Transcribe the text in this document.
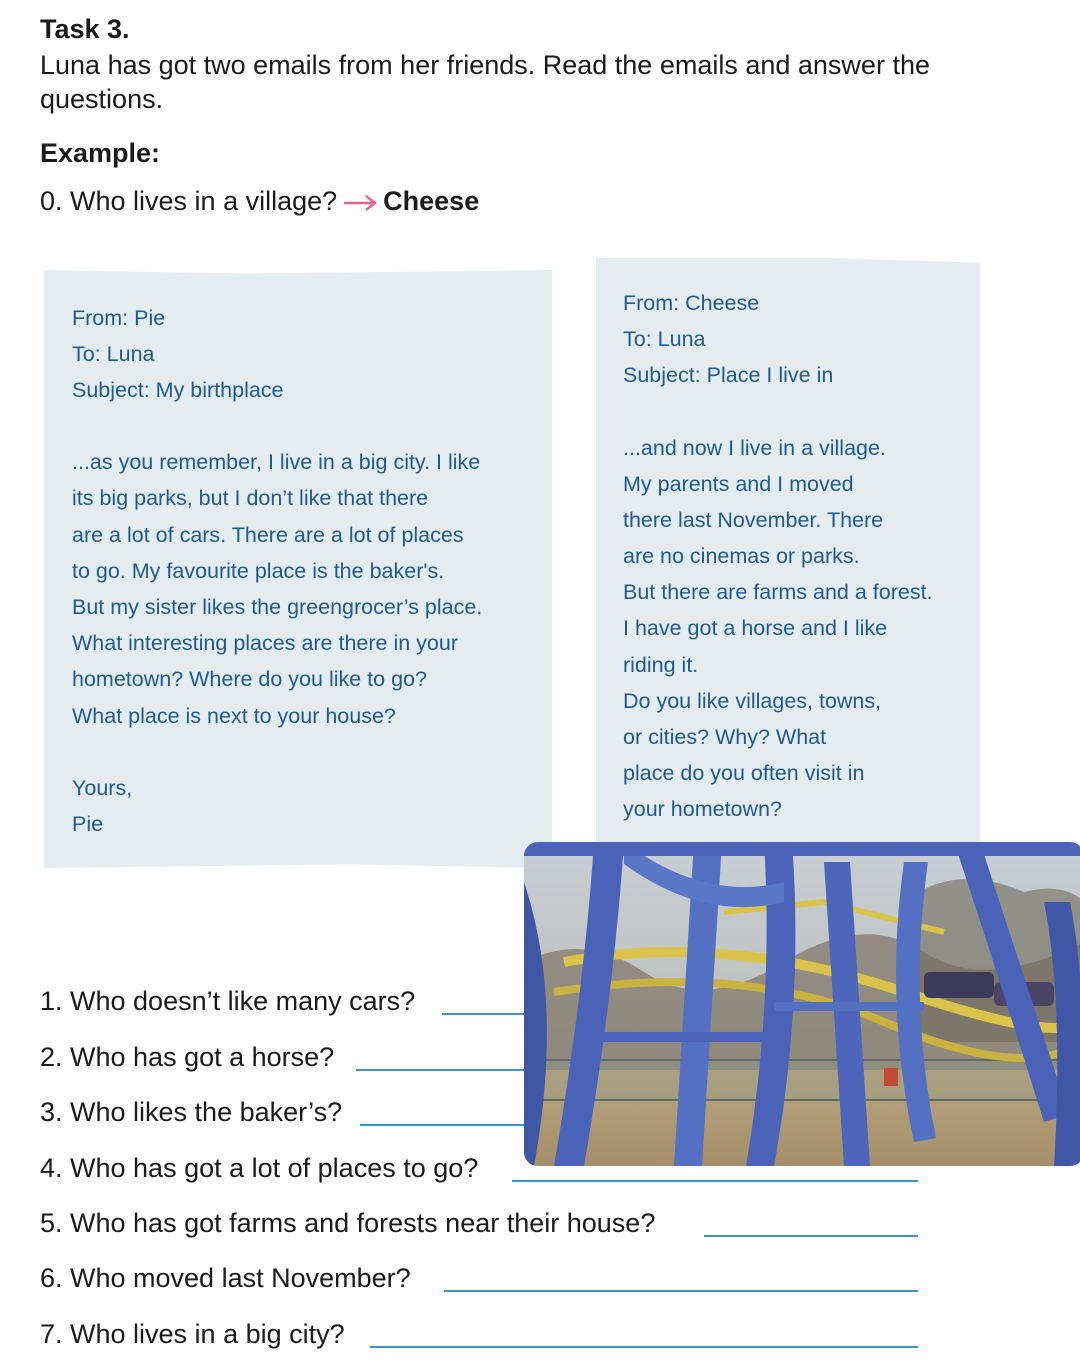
Task 3.
Luna has got two emails from her friends. Read the emails and answer the questions.
Example:
0. Who lives in a village? Cheese
From: Pie
To: Luna
Subject: My birthplace
...as you remember, I live in a big city. I like
its big parks, but I don’t like that there
are a lot of cars. There are a lot of places
to go. My favourite place is the baker's.
But my sister likes the greengrocer’s place.
What interesting places are there in your
hometown? Where do you like to go?
What place is next to your house?
Yours,
Pie
From: Cheese
To: Luna
Subject: Place I live in
...and now I live in a village.
My parents and I moved
there last November. There
are no cinemas or parks.
But there are farms and a forest.
I have got a horse and I like
riding it.
Do you like villages, towns,
or cities? Why? What
place do you often visit in
your hometown?
1. Who doesn’t like many cars?
2. Who has got a horse?
3. Who likes the baker’s?
4. Who has got a lot of places to go?
5. Who has got farms and forests near their house?
6. Who moved last November?
7. Who lives in a big city?
